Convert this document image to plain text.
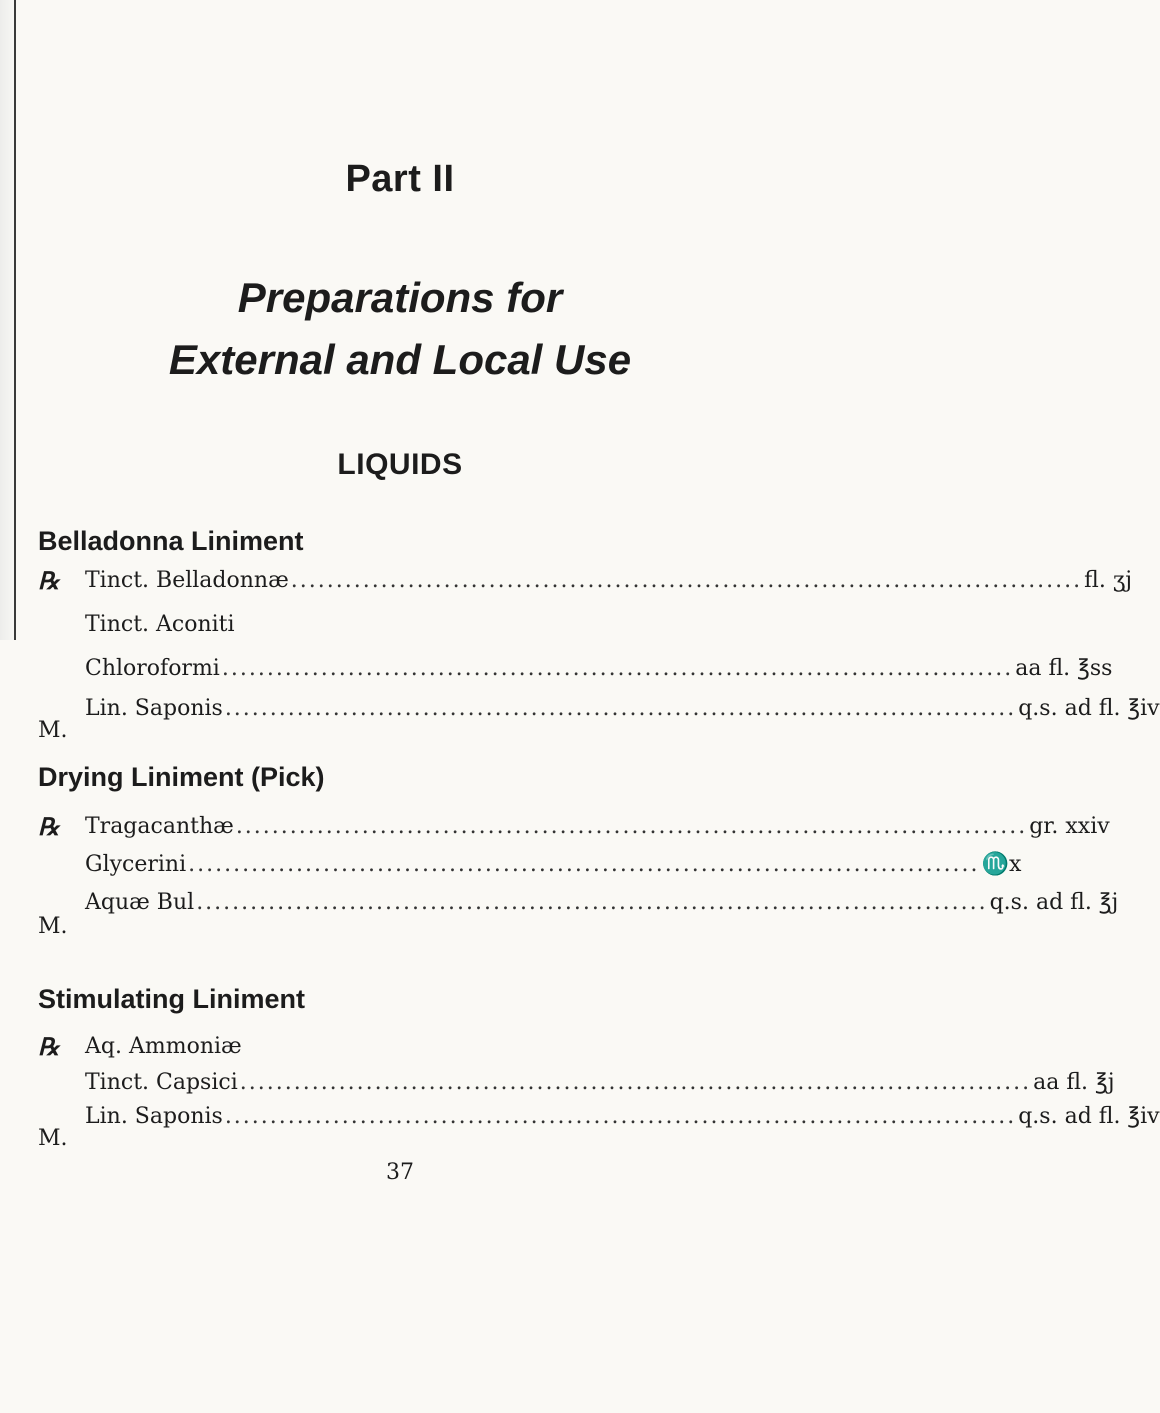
Part II
Preparations for
External and Local Use
LIQUIDS
Belladonna Liniment
℞ Tinct. Belladonnæ ........................................................................................ fl. ʒj
Tinct. Aconiti
Chloroformi ........................................................................................ aa fl. ℥ss
Lin. Saponis ........................................................................................ q.s. ad fl. ℥iv
M.
Drying Liniment (Pick)
℞ Tragacanthæ ........................................................................................ gr. xxiv
Glycerini ........................................................................................ ♏x
Aquæ Bul ........................................................................................ q.s. ad fl. ℥j
M.
Stimulating Liniment
℞ Aq. Ammoniæ
Tinct. Capsici ........................................................................................ aa fl. ℥j
Lin. Saponis ........................................................................................ q.s. ad fl. ℥iv
M.
37
